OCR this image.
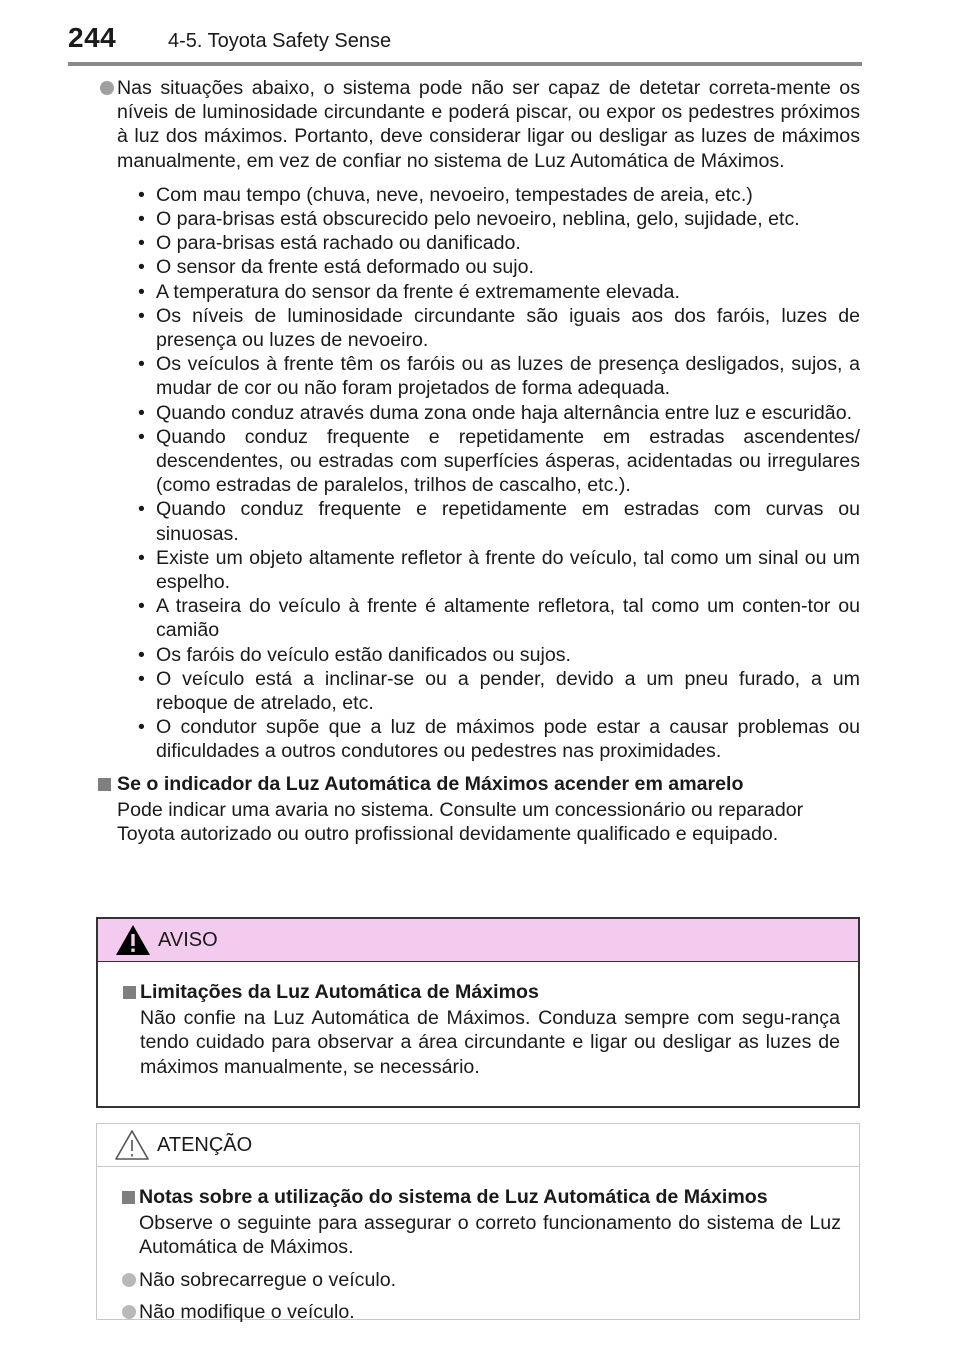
244	4-5. Toyota Safety Sense

Nas situações abaixo, o sistema pode não ser capaz de detetar correta-mente os níveis de luminosidade circundante e poderá piscar, ou expor os pedestres próximos à luz dos máximos. Portanto, deve considerar ligar ou desligar as luzes de máximos manualmente, em vez de confiar no sistema de Luz Automática de Máximos.

• Com mau tempo (chuva, neve, nevoeiro, tempestades de areia, etc.)
• O para-brisas está obscurecido pelo nevoeiro, neblina, gelo, sujidade, etc.
• O para-brisas está rachado ou danificado.
• O sensor da frente está deformado ou sujo.
• A temperatura do sensor da frente é extremamente elevada.
• Os níveis de luminosidade circundante são iguais aos dos faróis, luzes de presença ou luzes de nevoeiro.
• Os veículos à frente têm os faróis ou as luzes de presença desligados, sujos, a mudar de cor ou não foram projetados de forma adequada.
• Quando conduz através duma zona onde haja alternância entre luz e escuridão.
• Quando conduz frequente e repetidamente em estradas ascendentes/ descendentes, ou estradas com superfícies ásperas, acidentadas ou irregulares (como estradas de paralelos, trilhos de cascalho, etc.).
• Quando conduz frequente e repetidamente em estradas com curvas ou sinuosas.
• Existe um objeto altamente refletor à frente do veículo, tal como um sinal ou um espelho.
• A traseira do veículo à frente é altamente refletora, tal como um conten-tor ou camião
• Os faróis do veículo estão danificados ou sujos.
• O veículo está a inclinar-se ou a pender, devido a um pneu furado, a um reboque de atrelado, etc.
• O condutor supõe que a luz de máximos pode estar a causar problemas ou dificuldades a outros condutores ou pedestres nas proximidades.
Se o indicador da Luz Automática de Máximos acender em amarelo

Pode indicar uma avaria no sistema. Consulte um concessionário ou reparador Toyota autorizado ou outro profissional devidamente qualificado e equipado.

AVISO

Limitações da Luz Automática de Máximos

Não confie na Luz Automática de Máximos. Conduza sempre com segu-rança tendo cuidado para observar a área circundante e ligar ou desligar as luzes de máximos manualmente, se necessário.

ATENÇÃO

Notas sobre a utilização do sistema de Luz Automática de Máximos

Observe o seguinte para assegurar o correto funcionamento do sistema de Luz Automática de Máximos.

Não sobrecarregue o veículo.
Não modifique o veículo.
